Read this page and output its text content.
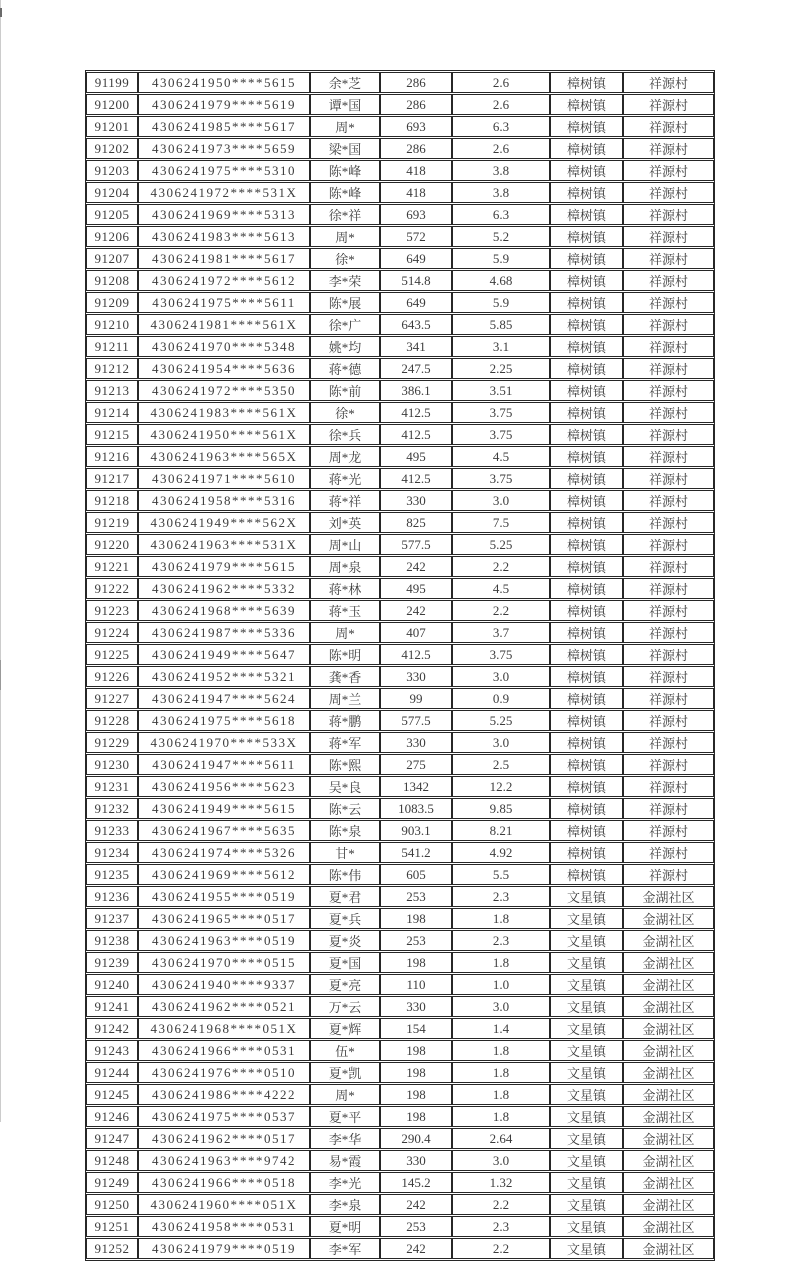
91199	4306241950****5615	余*芝	286	2.6	樟树镇	祥源村
91200	4306241979****5619	谭*国	286	2.6	樟树镇	祥源村
91201	4306241985****5617	周*	693	6.3	樟树镇	祥源村
91202	4306241973****5659	梁*国	286	2.6	樟树镇	祥源村
91203	4306241975****5310	陈*峰	418	3.8	樟树镇	祥源村
91204	4306241972****531X	陈*峰	418	3.8	樟树镇	祥源村
91205	4306241969****5313	徐*祥	693	6.3	樟树镇	祥源村
91206	4306241983****5613	周*	572	5.2	樟树镇	祥源村
91207	4306241981****5617	徐*	649	5.9	樟树镇	祥源村
91208	4306241972****5612	李*荣	514.8	4.68	樟树镇	祥源村
91209	4306241975****5611	陈*展	649	5.9	樟树镇	祥源村
91210	4306241981****561X	徐*广	643.5	5.85	樟树镇	祥源村
91211	4306241970****5348	姚*均	341	3.1	樟树镇	祥源村
91212	4306241954****5636	蒋*德	247.5	2.25	樟树镇	祥源村
91213	4306241972****5350	陈*前	386.1	3.51	樟树镇	祥源村
91214	4306241983****561X	徐*	412.5	3.75	樟树镇	祥源村
91215	4306241950****561X	徐*兵	412.5	3.75	樟树镇	祥源村
91216	4306241963****565X	周*龙	495	4.5	樟树镇	祥源村
91217	4306241971****5610	蒋*光	412.5	3.75	樟树镇	祥源村
91218	4306241958****5316	蒋*祥	330	3.0	樟树镇	祥源村
91219	4306241949****562X	刘*英	825	7.5	樟树镇	祥源村
91220	4306241963****531X	周*山	577.5	5.25	樟树镇	祥源村
91221	4306241979****5615	周*泉	242	2.2	樟树镇	祥源村
91222	4306241962****5332	蒋*林	495	4.5	樟树镇	祥源村
91223	4306241968****5639	蒋*玉	242	2.2	樟树镇	祥源村
91224	4306241987****5336	周*	407	3.7	樟树镇	祥源村
91225	4306241949****5647	陈*明	412.5	3.75	樟树镇	祥源村
91226	4306241952****5321	龚*香	330	3.0	樟树镇	祥源村
91227	4306241947****5624	周*兰	99	0.9	樟树镇	祥源村
91228	4306241975****5618	蒋*鹏	577.5	5.25	樟树镇	祥源村
91229	4306241970****533X	蒋*军	330	3.0	樟树镇	祥源村
91230	4306241947****5611	陈*熙	275	2.5	樟树镇	祥源村
91231	4306241956****5623	吴*良	1342	12.2	樟树镇	祥源村
91232	4306241949****5615	陈*云	1083.5	9.85	樟树镇	祥源村
91233	4306241967****5635	陈*泉	903.1	8.21	樟树镇	祥源村
91234	4306241974****5326	甘*	541.2	4.92	樟树镇	祥源村
91235	4306241969****5612	陈*伟	605	5.5	樟树镇	祥源村
91236	4306241955****0519	夏*君	253	2.3	文星镇	金湖社区
91237	4306241965****0517	夏*兵	198	1.8	文星镇	金湖社区
91238	4306241963****0519	夏*炎	253	2.3	文星镇	金湖社区
91239	4306241970****0515	夏*国	198	1.8	文星镇	金湖社区
91240	4306241940****9337	夏*亮	110	1.0	文星镇	金湖社区
91241	4306241962****0521	万*云	330	3.0	文星镇	金湖社区
91242	4306241968****051X	夏*辉	154	1.4	文星镇	金湖社区
91243	4306241966****0531	伍*	198	1.8	文星镇	金湖社区
91244	4306241976****0510	夏*凯	198	1.8	文星镇	金湖社区
91245	4306241986****4222	周*	198	1.8	文星镇	金湖社区
91246	4306241975****0537	夏*平	198	1.8	文星镇	金湖社区
91247	4306241962****0517	李*华	290.4	2.64	文星镇	金湖社区
91248	4306241963****9742	易*霞	330	3.0	文星镇	金湖社区
91249	4306241966****0518	李*光	145.2	1.32	文星镇	金湖社区
91250	4306241960****051X	李*泉	242	2.2	文星镇	金湖社区
91251	4306241958****0531	夏*明	253	2.3	文星镇	金湖社区
91252	4306241979****0519	李*军	242	2.2	文星镇	金湖社区
